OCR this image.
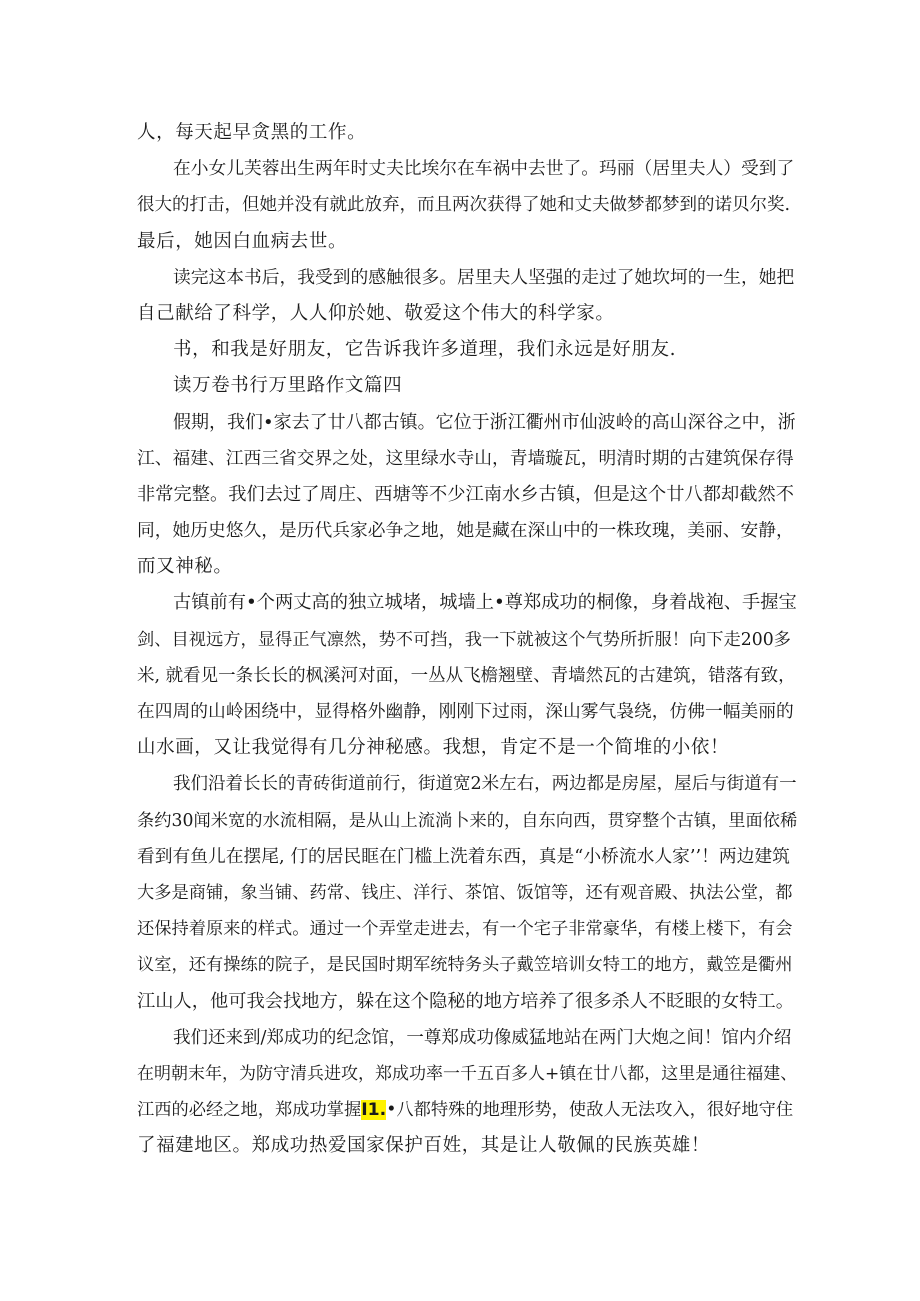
人，每天起早贪黑的工作。
在小女儿芙蓉出生两年时丈夫比埃尔在车祸中去世了。玛丽（居里夫人）受到了
很大的打击，但她并没有就此放弃，而且两次获得了她和丈夫做梦都梦到的诺贝尔奖.
最后，她因白血病去世。
读完这本书后，我受到的感触很多。居里夫人坚强的走过了她坎坷的一生，她把
自己献给了科学，人人仰於她、敬爱这个伟大的科学家。
书，和我是好朋友，它告诉我许多道理，我们永远是好朋友.
读万卷书行万里路作文篇四
假期，我们•家去了廿八都古镇。它位于浙江衢州市仙波岭的高山深谷之中，浙
江、福建、江西三省交界之处，这里绿水寺山，青墙璇瓦，明清时期的古建筑保存得
非常完整。我们去过了周庄、西塘等不少江南水乡古镇，但是这个廿八都却截然不
同，她历史悠久，是历代兵家必争之地，她是藏在深山中的一株玫瑰，美丽、安静，
而又神秘。
古镇前有•个两丈高的独立城堵，城墙上•尊郑成功的桐像，身着战袍、手握宝
剑、目视远方，显得正气凛然，势不可挡，我一下就被这个气势所折服！向下走200多
米, 就看见一条长长的枫溪河对面，一丛从飞檐翘壁、青墙然瓦的古建筑，错落有致，
在四周的山岭困绕中，显得格外幽静，刚刚下过雨，深山雾气袅绕，仿佛一幅美丽的
山水画，又让我觉得有几分神秘感。我想，肯定不是一个简堆的小依！
我们沿着长长的青砖街道前行，街道宽2米左右，两边都是房屋，屋后与街道有一
条约30闻米宽的水流相隔，是从山上流淌卜来的，自东向西，贯穿整个古镇，里面依稀
看到有鱼儿在摆尾, 仃的居民眶在门槛上洗着东西，真是“小桥流水人家’’！两边建筑
大多是商铺，象当铺、药常、钱庄、洋行、茶馆、饭馆等，还有观音殿、执法公堂，都
还保持着原来的样式。通过一个弄堂走进去，有一个宅子非常豪华，有楼上楼下，有会
议室，还有操练的院子，是民国时期军统特务头子戴笠培训女特工的地方，戴笠是衢州
江山人，他可我会找地方，躲在这个隐秘的地方培养了很多杀人不眨眼的女特工。
我们还来到/郑成功的纪念馆，一尊郑成功像威猛地站在两门大炮之间！馆内介绍
在明朝末年，为防守清兵进攻，郑成功率一千五百多人+镇在廿八都，这里是通往福建、
江西的必经之地，郑成功掌握I1.•八都特殊的地理形势，使敌人无法攻入，很好地守住
了福建地区。郑成功热爱国家保护百姓，其是让人敬佩的民族英雄！
